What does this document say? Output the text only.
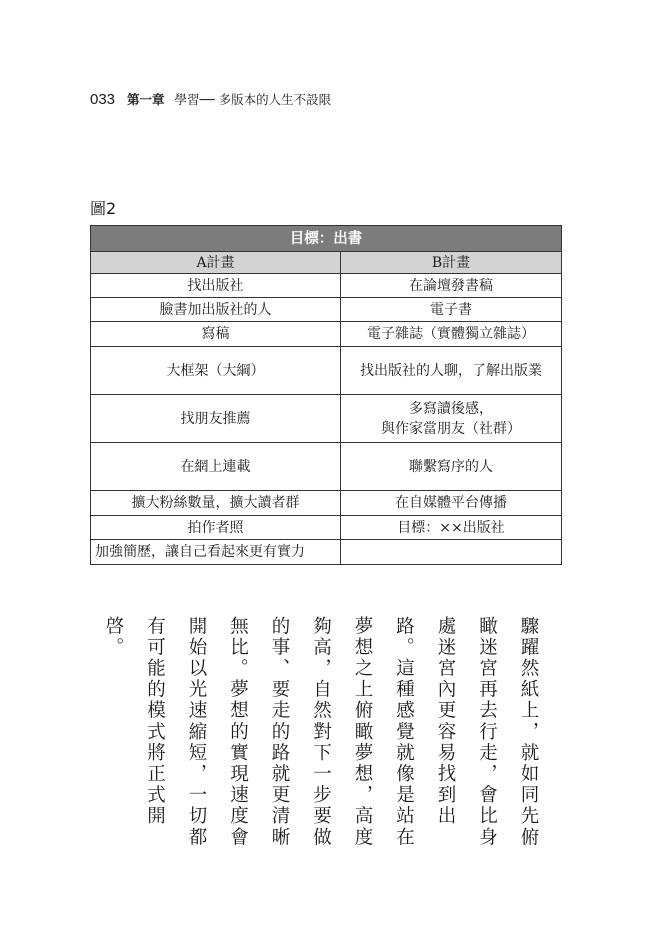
033 第一章 學習── 多版本的人生不設限
圖2
目標：出書	
A計畫	B計畫
找出版社	在論壇發書稿
臉書加出版社的人	電子書
寫稿	電子雜誌（實體獨立雜誌）
大框架（大綱）	找出版社的人聊，了解出版業
找朋友推薦	多寫讀後感，
與作家當朋友（社群）

在網上連載	聯繫寫序的人
擴大粉絲數量，擴大讀者群	在自媒體平台傳播
拍作者照	目標：××出版社
加強簡歷，讓自己看起來更有實力	

驟躍然紙上，就如同先俯

瞰迷宮再去行走，會比身

處迷宮內更容易找到出

路。這種感覺就像是站在

夢想之上俯瞰夢想，高度

夠高，自然對下一步要做

的事、要走的路就更清晰

無比。夢想的實現速度會

開始以光速縮短，一切都

有可能的模式將正式開

啓。
